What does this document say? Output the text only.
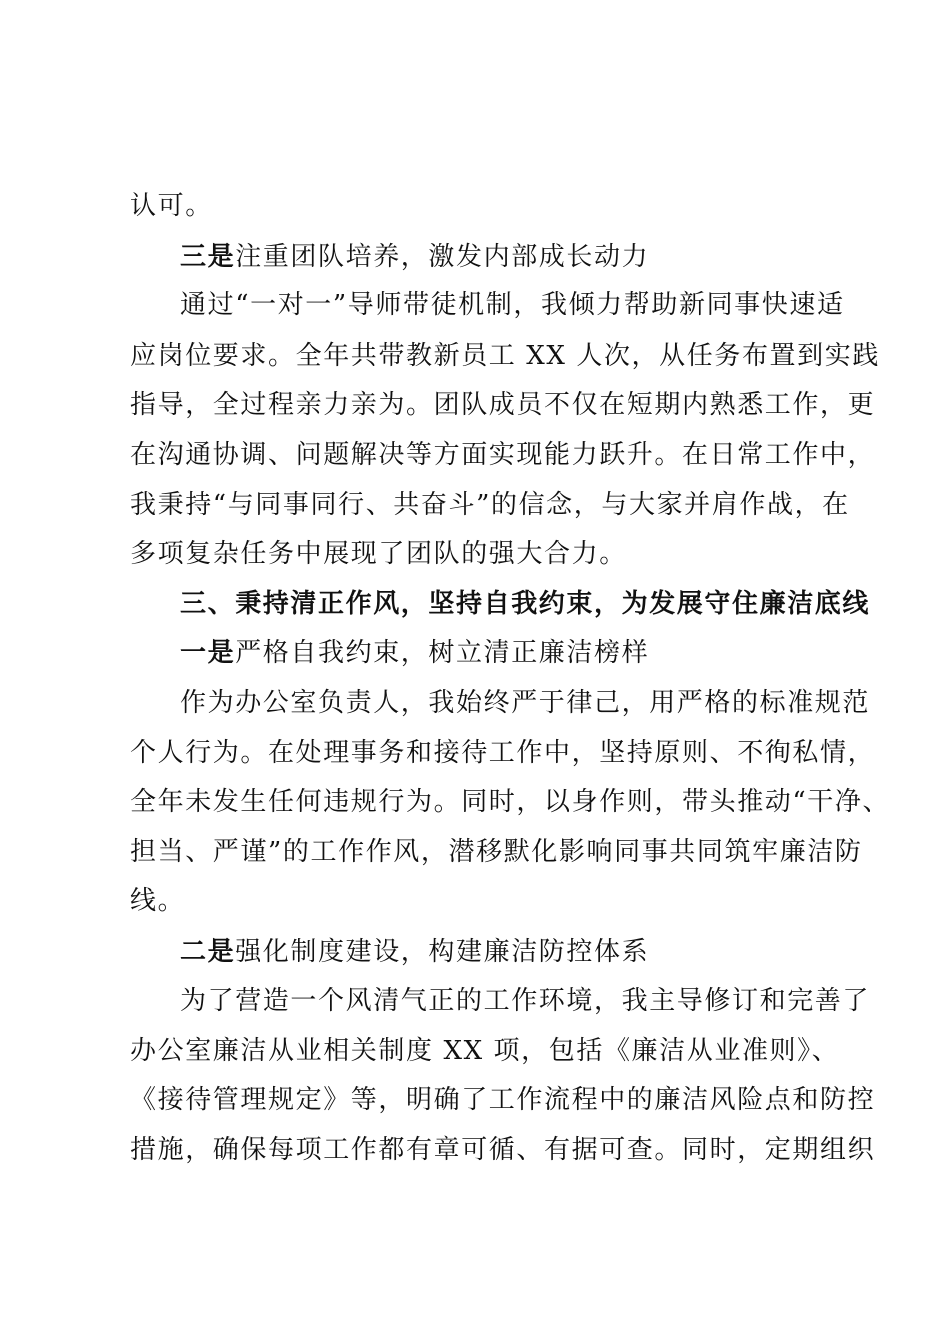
认可。
三是注重团队培养，激发内部成长动力
通过“一对一”导师带徒机制，我倾力帮助新同事快速适
应岗位要求。全年共带教新员工 XX 人次，从任务布置到实践
指导，全过程亲力亲为。团队成员不仅在短期内熟悉工作，更
在沟通协调、问题解决等方面实现能力跃升。在日常工作中，
我秉持“与同事同行、共奋斗”的信念，与大家并肩作战，在
多项复杂任务中展现了团队的强大合力。
三、秉持清正作风，坚持自我约束，为发展守住廉洁底线
一是严格自我约束，树立清正廉洁榜样
作为办公室负责人，我始终严于律己，用严格的标准规范
个人行为。在处理事务和接待工作中，坚持原则、不徇私情，
全年未发生任何违规行为。同时，以身作则，带头推动“干净、
担当、严谨”的工作作风，潜移默化影响同事共同筑牢廉洁防
线。
二是强化制度建设，构建廉洁防控体系
为了营造一个风清气正的工作环境，我主导修订和完善了
办公室廉洁从业相关制度 XX 项，包括《廉洁从业准则》、
《接待管理规定》等，明确了工作流程中的廉洁风险点和防控
措施，确保每项工作都有章可循、有据可查。同时，定期组织
